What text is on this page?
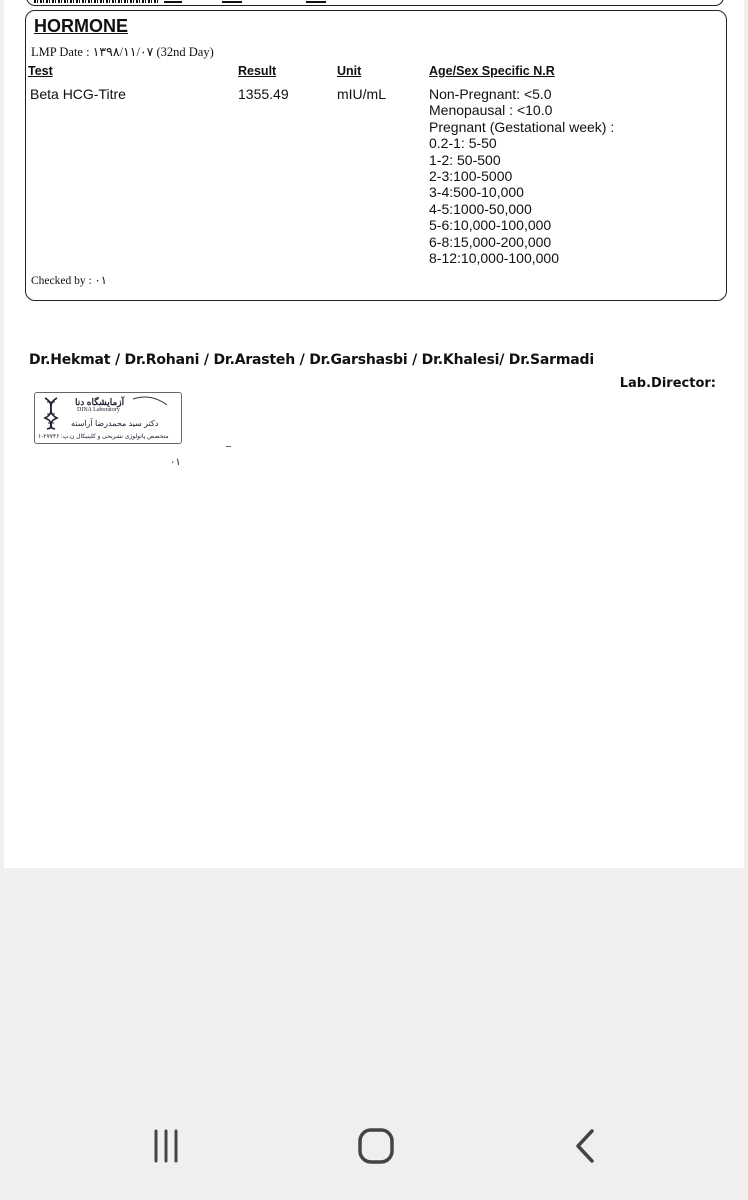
HORMONE
LMP Date : ۱۳۹۸/۱۱/۰۷ (32nd Day)
Test	Result	Unit	Age/Sex Specific N.R
Beta HCG-Titre	1355.49	mIU/mL	Non-Pregnant: <5.0
Menopausal : <10.0
Pregnant (Gestational week) :
0.2-1: 5-50
1-2: 50-500
2-3:100-5000
3-4:500-10,000
4-5:1000-50,000
5-6:10,000-100,000
6-8:15,000-200,000
8-12:10,000-100,000
Checked by : ۰۱
Dr.Hekmat / Dr.Rohani / Dr.Arasteh / Dr.Garshasbi / Dr.Khalesi/ Dr.Sarmadi
Lab.Director:
آزمایشگاه دنا
DINA Laboratory
دکتر سید محمدرضا آراسته
متخصص پاتولوژی تشریحی و کلینیکال ن.پ: ۲۷۷۴۶-۱
۰۱
